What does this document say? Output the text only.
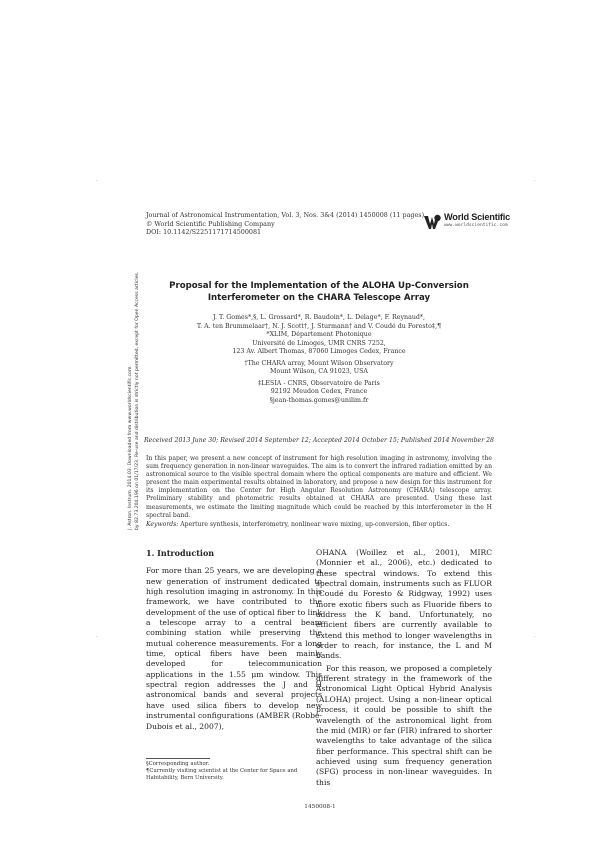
·	·
·	·
Journal of Astronomical Instrumentation, Vol. 3, Nos. 3&4 (2014) 1450008 (11 pages)
© World Scientific Publishing Company
DOI: 10.1142/S2251171714500081
World Scientific
www.worldscientific.com
Proposal for the Implementation of the ALOHA Up-Conversion
Interferometer on the CHARA Telescope Array
J. T. Gomes*,§, L. Grossard*, R. Baudoin*, L. Delage*, F. Reynaud*,
T. A. ten Brummelaar†, N. J. Scott†, J. Sturmann† and V. Coudé du Foresto‡,¶
*XLIM, Département Photonique
Université de Limoges, UMR CNRS 7252,
123 Av. Albert Thomas, 87060 Limoges Cedex, France
†The CHARA array, Mount Wilson Observatory
Mount Wilson, CA 91023, USA
‡LESIA - CNRS, Observatoire de Paris
92192 Meudon Cedex, France
§jean-thomas.gomes@unilim.fr
Received 2013 June 30; Revised 2014 September 12; Accepted 2014 October 15; Published 2014 November 28
In this paper, we present a new concept of instrument for high resolution imaging in astronomy, involving the sum frequency generation in non-linear waveguides. The aim is to convert the infrared radiation emitted by an astronomical source to the visible spectral domain where the optical components are mature and efficient. We present the main experimental results obtained in laboratory, and propose a new design for this instrument for its implementation on the Center for High Angular Resolution Astronomy (CHARA) telescope array. Preliminary stability and photometric results obtained at CHARA are presented. Using these last measurements, we estimate the limiting magnitude which could be reached by this interferometer in the H spectral band.
Keywords: Aperture synthesis, interferometry, nonlinear wave mixing, up-conversion, fiber optics.
1. Introduction

For more than 25 years, we are developing a new generation of instrument dedicated to high resolution imaging in astronomy. In this framework, we have contributed to the development of the use of optical fiber to link a telescope array to a central beam combining station while preserving the mutual coherence measurements. For a long time, optical fibers have been mainly developed for telecommunication applications in the 1.55 μm window. This spectral region addresses the J and H astronomical bands and several projects have used silica fibers to develop new instrumental configurations (AMBER (Robbe-Dubois et al., 2007),

OHANA (Woillez et al., 2001), MIRC (Monnier et al., 2006), etc.) dedicated to these spectral windows. To extend this spectral domain, instruments such as FLUOR (Coudé du Foresto & Ridgway, 1992) uses more exotic fibers such as Fluoride fibers to address the K band. Unfortunately, no efficient fibers are currently available to extend this method to longer wavelengths in order to reach, for instance, the L and M bands.

For this reason, we proposed a completely different strategy in the framework of the Astronomical Light Optical Hybrid Analysis (ALOHA) project. Using a non-linear optical process, it could be possible to shift the wavelength of the astronomical light from the mid (MIR) or far (FIR) infrared to shorter wavelengths to take advantage of the silica fiber performance. This spectral shift can be achieved using sum frequency generation (SFG) process in non-linear waveguides. In this

§Corresponding author.
¶Currently visiting scientist at the Center for Space and Habitability, Bern University.
1450008-1
J. Astron. Instrum. 2014.03. Downloaded from www.worldscientific.com by 82.73.204.196 on 01/17/23. Re-use and distribution is strictly not permitted, except for Open Access articles.
